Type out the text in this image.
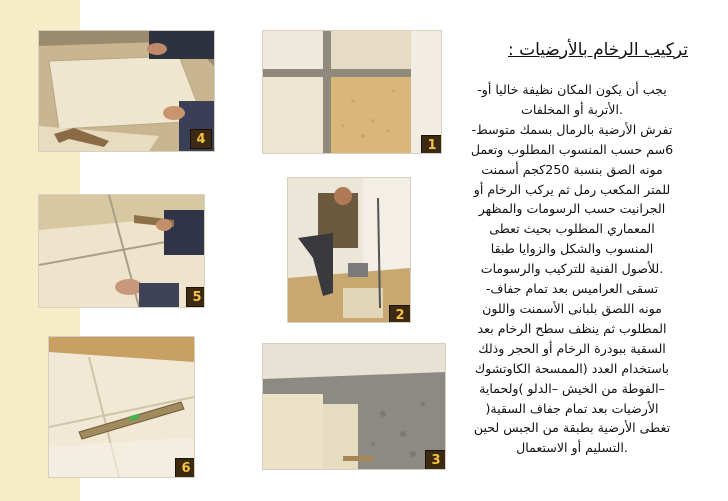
4	1
5
2
6
3
تركيب الرخام بالأرضيات :
يجب أن يكون المكان نظيفة خاليا أو-
.الأتربة أو المخلفات
تفرش الأرضية بالرمال بسمك متوسط-
6سم حسب المنسوب المطلوب وتعمل
مونه الصق بنسبة 250كجم أسمنت
للمتر المكعب رمل ثم يركب الرخام أو
الجرانيت حسب الرسومات والمظهر
المعماري المطلوب بحيث تعطى
المنسوب والشكل والزوايا طبقا
.للأصول الفنية للتركيب والرسومات
تسقى العراميس بعد تمام جفاف-
مونه اللصق بلبانى الأسمنت واللون
المطلوب ثم ينظف سطح الرخام بعد
السقية ببودرة الرخام أو الحجر وذلك
باستخدام العدد (الممسحة الكاوتشوك
–الفوطة من الخيش –الدلو )ولحماية
الأرضيات بعد تمام جفاف السقية(
تغطى الأرضية بطبقة من الجبس لحين
.التسليم أو الاستعمال
